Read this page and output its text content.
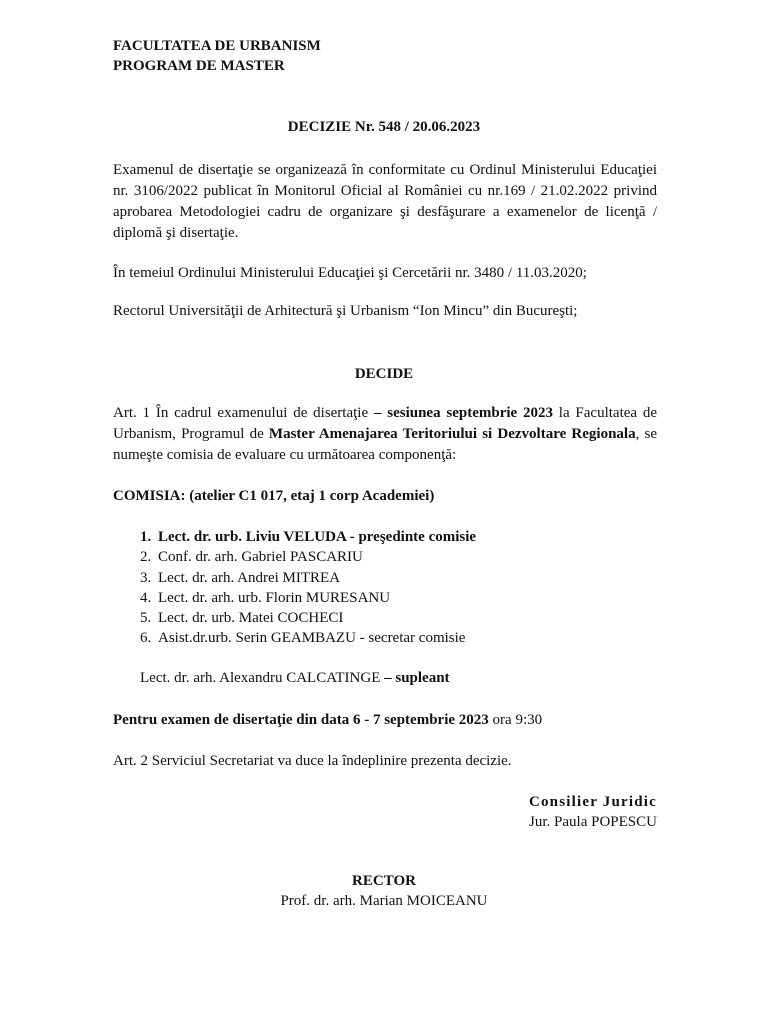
FACULTATEA DE URBANISM
PROGRAM DE MASTER
DECIZIE Nr. 548 / 20.06.2023
Examenul de disertaţie se organizează în conformitate cu Ordinul Ministerului Educaţiei nr. 3106/2022 publicat în Monitorul Oficial al României cu nr.169 / 21.02.2022 privind aprobarea Metodologiei cadru de organizare şi desfăşurare a examenelor de licenţă / diplomă şi disertaţie.
În temeiul Ordinului Ministerului Educaţiei şi Cercetării nr. 3480 / 11.03.2020;
Rectorul Universităţii de Arhitectură şi Urbanism “Ion Mincu” din Bucureşti;
DECIDE
Art. 1 În cadrul examenului de disertaţie – sesiunea septembrie 2023 la Facultatea de Urbanism, Programul de Master Amenajarea Teritoriului si Dezvoltare Regionala, se numeşte comisia de evaluare cu următoarea componenţă:
COMISIA: (atelier C1 017, etaj 1 corp Academiei)
1. Lect. dr. urb. Liviu VELUDA - preşedinte comisie
2. Conf. dr. arh. Gabriel PASCARIU
3. Lect. dr. arh. Andrei MITREA
4. Lect. dr. arh. urb. Florin MURESANU
5. Lect. dr. urb. Matei COCHECI
6. Asist.dr.urb. Serin GEAMBAZU - secretar comisie
Lect. dr. arh. Alexandru CALCATINGE – supleant
Pentru examen de disertaţie din data 6 - 7 septembrie 2023 ora 9:30
Art. 2 Serviciul Secretariat va duce la îndeplinire prezenta decizie.
Consilier Juridic
Jur. Paula POPESCU
RECTOR
Prof. dr. arh. Marian MOICEANU
